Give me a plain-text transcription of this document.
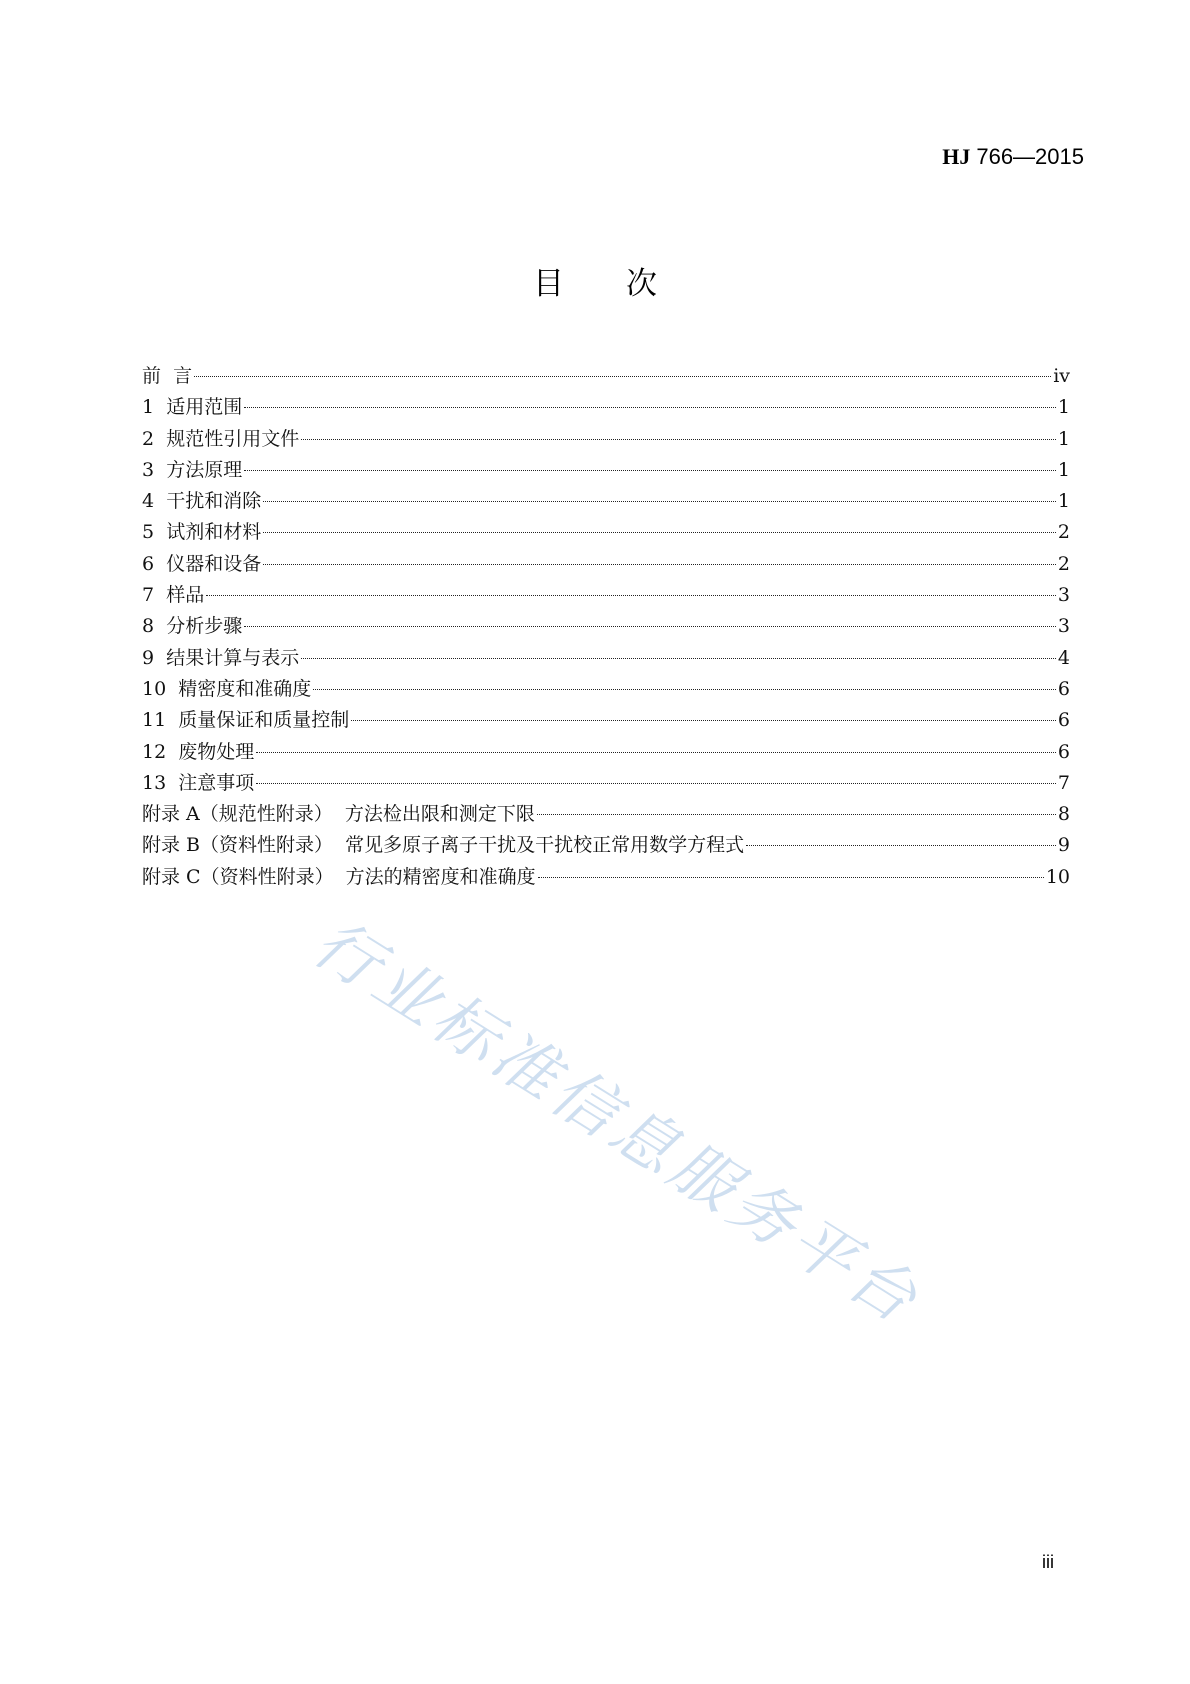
HJ 766—2015
目次
前 言	iv
1 适用范围	1
2 规范性引用文件	1
3 方法原理	1
4 干扰和消除	1
5 试剂和材料	2
6 仪器和设备	2
7 样品	3
8 分析步骤	3
9 结果计算与表示	4
10 精密度和准确度	6
11 质量保证和质量控制	6
12 废物处理	6
13 注意事项	7
附录 A（规范性附录） 方法检出限和测定下限	8
附录 B（资料性附录） 常见多原子离子干扰及干扰校正常用数学方程式	9
附录 C（资料性附录） 方法的精密度和准确度	10
行业标准信息服务平台
iii
